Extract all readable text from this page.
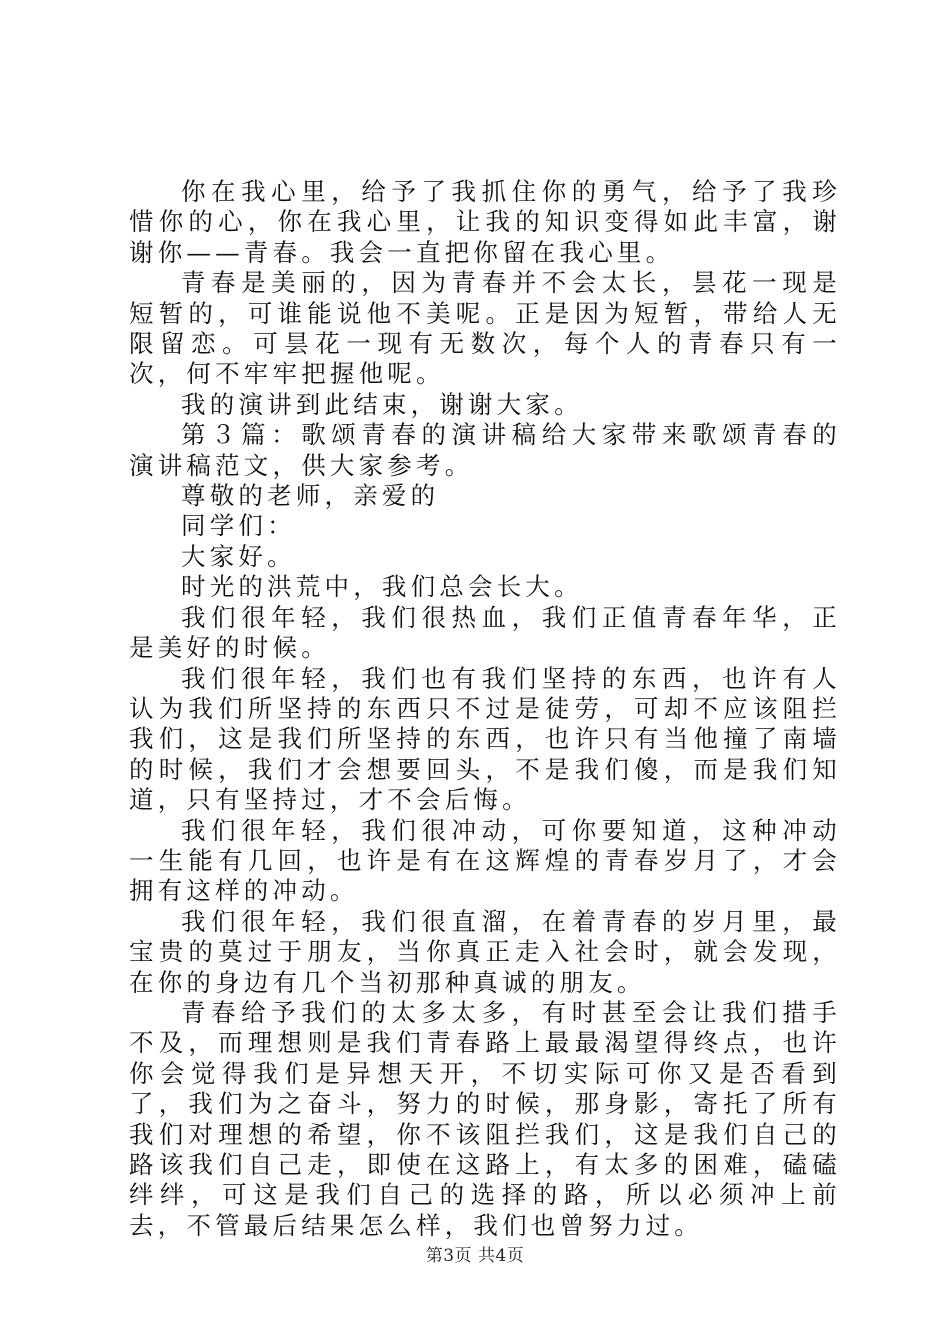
你在我心里，给予了我抓住你的勇气，给予了我珍惜你的心，你在我心里，让我的知识变得如此丰富，谢谢你——青春。我会一直把你留在我心里。

青春是美丽的，因为青春并不会太长，昙花一现是短暂的，可谁能说他不美呢。正是因为短暂，带给人无限留恋。可昙花一现有无数次，每个人的青春只有一次，何不牢牢把握他呢。

我的演讲到此结束，谢谢大家。

第３篇：歌颂青春的演讲稿给大家带来歌颂青春的演讲稿范文，供大家参考。

尊敬的老师，亲爱的

同学们：

大家好。

时光的洪荒中，我们总会长大。

我们很年轻，我们很热血，我们正值青春年华，正是美好的时候。

我们很年轻，我们也有我们坚持的东西，也许有人认为我们所坚持的东西只不过是徒劳，可却不应该阻拦我们，这是我们所坚持的东西，也许只有当他撞了南墙的时候，我们才会想要回头，不是我们傻，而是我们知道，只有坚持过，才不会后悔。

我们很年轻，我们很冲动，可你要知道，这种冲动一生能有几回，也许是有在这辉煌的青春岁月了，才会拥有这样的冲动。

我们很年轻，我们很直溜，在着青春的岁月里，最宝贵的莫过于朋友，当你真正走入社会时，就会发现，在你的身边有几个当初那种真诚的朋友。

青春给予我们的太多太多，有时甚至会让我们措手不及，而理想则是我们青春路上最最渴望得终点，也许你会觉得我们是异想天开，不切实际可你又是否看到了，我们为之奋斗，努力的时候，那身影，寄托了所有我们对理想的希望，你不该阻拦我们，这是我们自己的路该我们自己走，即使在这路上，有太多的困难，磕磕绊绊，可这是我们自己的选择的路，所以必须冲上前去，不管最后结果怎么样，我们也曾努力过。

第3页 共4页
